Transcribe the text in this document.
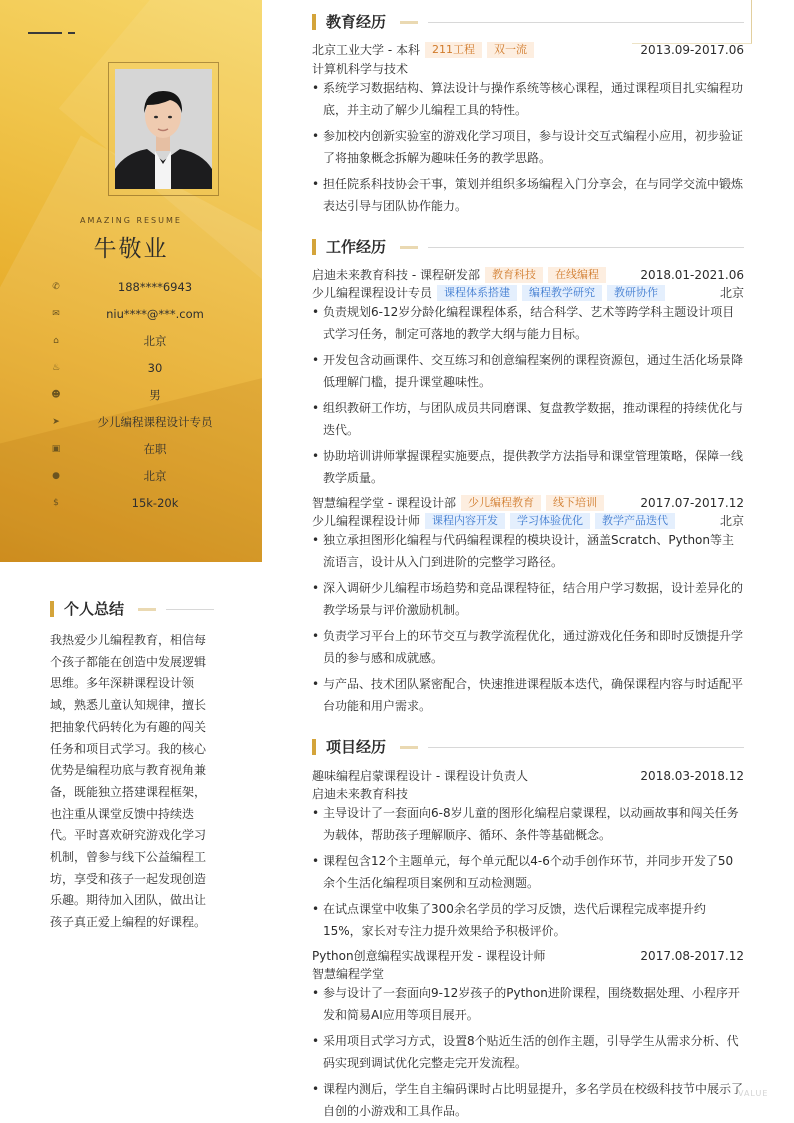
AMAZING RESUME
牛敬业
✆	188****6943
✉	niu****@***.com
⌂	北京
♨	30
☻	男
➤	少儿编程课程设计专员
▣	在职
●	北京
$	15k-20k
个人总结
我热爱少儿编程教育，相信每个孩子都能在创造中发展逻辑思维。多年深耕课程设计领域，熟悉儿童认知规律，擅长把抽象代码转化为有趣的闯关任务和项目式学习。我的核心优势是编程功底与教育视角兼备，既能独立搭建课程框架，也注重从课堂反馈中持续迭代。平时喜欢研究游戏化学习机制，曾参与线下公益编程工坊，享受和孩子一起发现创造乐趣。期待加入团队，做出让孩子真正爱上编程的好课程。
教育经历
北京工业大学 - 本科 211工程 双一流	2013.09-2017.06
计算机科学与技术
• 系统学习数据结构、算法设计与操作系统等核心课程，通过课程项目扎实编程功底，并主动了解少儿编程工具的特性。
• 参加校内创新实验室的游戏化学习项目，参与设计交互式编程小应用，初步验证了将抽象概念拆解为趣味任务的教学思路。
• 担任院系科技协会干事，策划并组织多场编程入门分享会，在与同学交流中锻炼表达引导与团队协作能力。
工作经历
启迪未来教育科技 - 课程研发部 教育科技 在线编程	2018.01-2021.06
少儿编程课程设计专员 课程体系搭建 编程教学研究 教研协作	北京
• 负责规划6-12岁分龄化编程课程体系，结合科学、艺术等跨学科主题设计项目式学习任务，制定可落地的教学大纲与能力目标。
• 开发包含动画课件、交互练习和创意编程案例的课程资源包，通过生活化场景降低理解门槛，提升课堂趣味性。
• 组织教研工作坊，与团队成员共同磨课、复盘教学数据，推动课程的持续优化与迭代。
• 协助培训讲师掌握课程实施要点，提供教学方法指导和课堂管理策略，保障一线教学质量。
智慧编程学堂 - 课程设计部 少儿编程教育 线下培训	2017.07-2017.12
少儿编程课程设计师 课程内容开发 学习体验优化 教学产品迭代	北京
• 独立承担图形化编程与代码编程课程的模块设计，涵盖Scratch、Python等主流语言，设计从入门到进阶的完整学习路径。
• 深入调研少儿编程市场趋势和竞品课程特征，结合用户学习数据，设计差异化的教学场景与评价激励机制。
• 负责学习平台上的环节交互与教学流程优化，通过游戏化任务和即时反馈提升学员的参与感和成就感。
• 与产品、技术团队紧密配合，快速推进课程版本迭代，确保课程内容与时适配平台功能和用户需求。
项目经历
趣味编程启蒙课程设计 - 课程设计负责人	2018.03-2018.12
启迪未来教育科技
• 主导设计了一套面向6-8岁儿童的图形化编程启蒙课程，以动画故事和闯关任务为载体，帮助孩子理解顺序、循环、条件等基础概念。
• 课程包含12个主题单元，每个单元配以4-6个动手创作环节，并同步开发了50余个生活化编程项目案例和互动检测题。
• 在试点课堂中收集了300余名学员的学习反馈，迭代后课程完成率提升约15%，家长对专注力提升效果给予积极评价。
Python创意编程实战课程开发 - 课程设计师	2017.08-2017.12
智慧编程学堂
• 参与设计了一套面向9-12岁孩子的Python进阶课程，围绕数据处理、小程序开发和简易AI应用等项目展开。
• 采用项目式学习方式，设置8个贴近生活的创作主题，引导学生从需求分析、代码实现到调试优化完整走完开发流程。
• 课程内测后，学生自主编码课时占比明显提升，多名学员在校级科技节中展示了自创的小游戏和工具作品。
VALUE
